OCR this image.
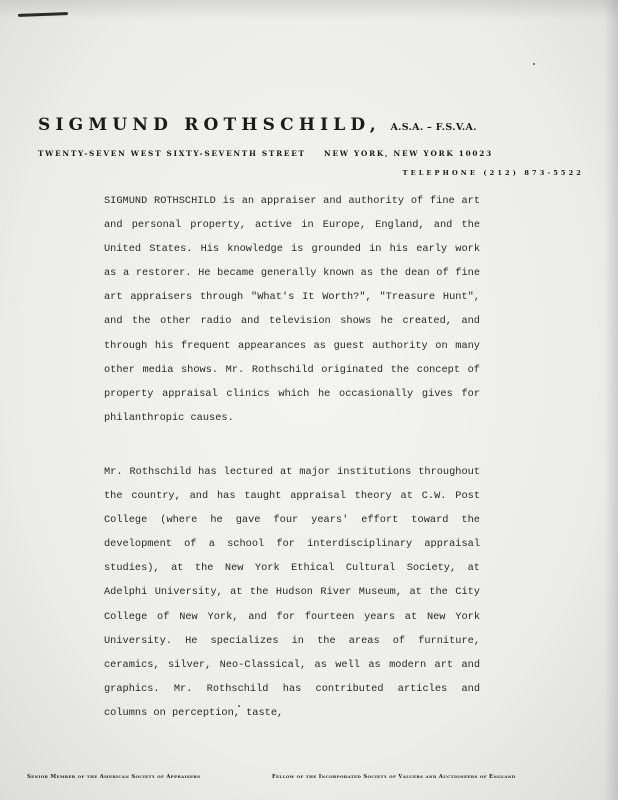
SIGMUND ROTHSCHILD, A.S.A. – F.S.V.A.
TWENTY-SEVEN WEST SIXTY-SEVENTH STREET	NEW YORK, NEW YORK 10023
TELEPHONE (212) 873-5522

SIGMUND ROTHSCHILD is an appraiser and authority of fine art and personal property, active in Europe, England, and the United States. His knowledge is grounded in his early work as a restorer. He became generally known as the dean of fine art appraisers through "What's It Worth?", "Treasure Hunt", and the other radio and television shows he created, and through his frequent appearances as guest authority on many other media shows. Mr. Rothschild originated the concept of property appraisal clinics which he occasionally gives for philanthropic causes.

Mr. Rothschild has lectured at major institutions throughout the country, and has taught appraisal theory at C.W. Post College (where he gave four years' effort toward the development of a school for interdisciplinary appraisal studies), at the New York Ethical Cultural Society, at Adelphi University, at the Hudson River Museum, at the City College of New York, and for fourteen years at New York University. He specializes in the areas of furniture, ceramics, silver, Neo-Classical, as well as modern art and graphics. Mr. Rothschild has contributed articles and columns on perception, taste,

Senior Member of the American Society of Appraisers	Fellow of the Incorporated Society of Valuers and Auctioneers of England
